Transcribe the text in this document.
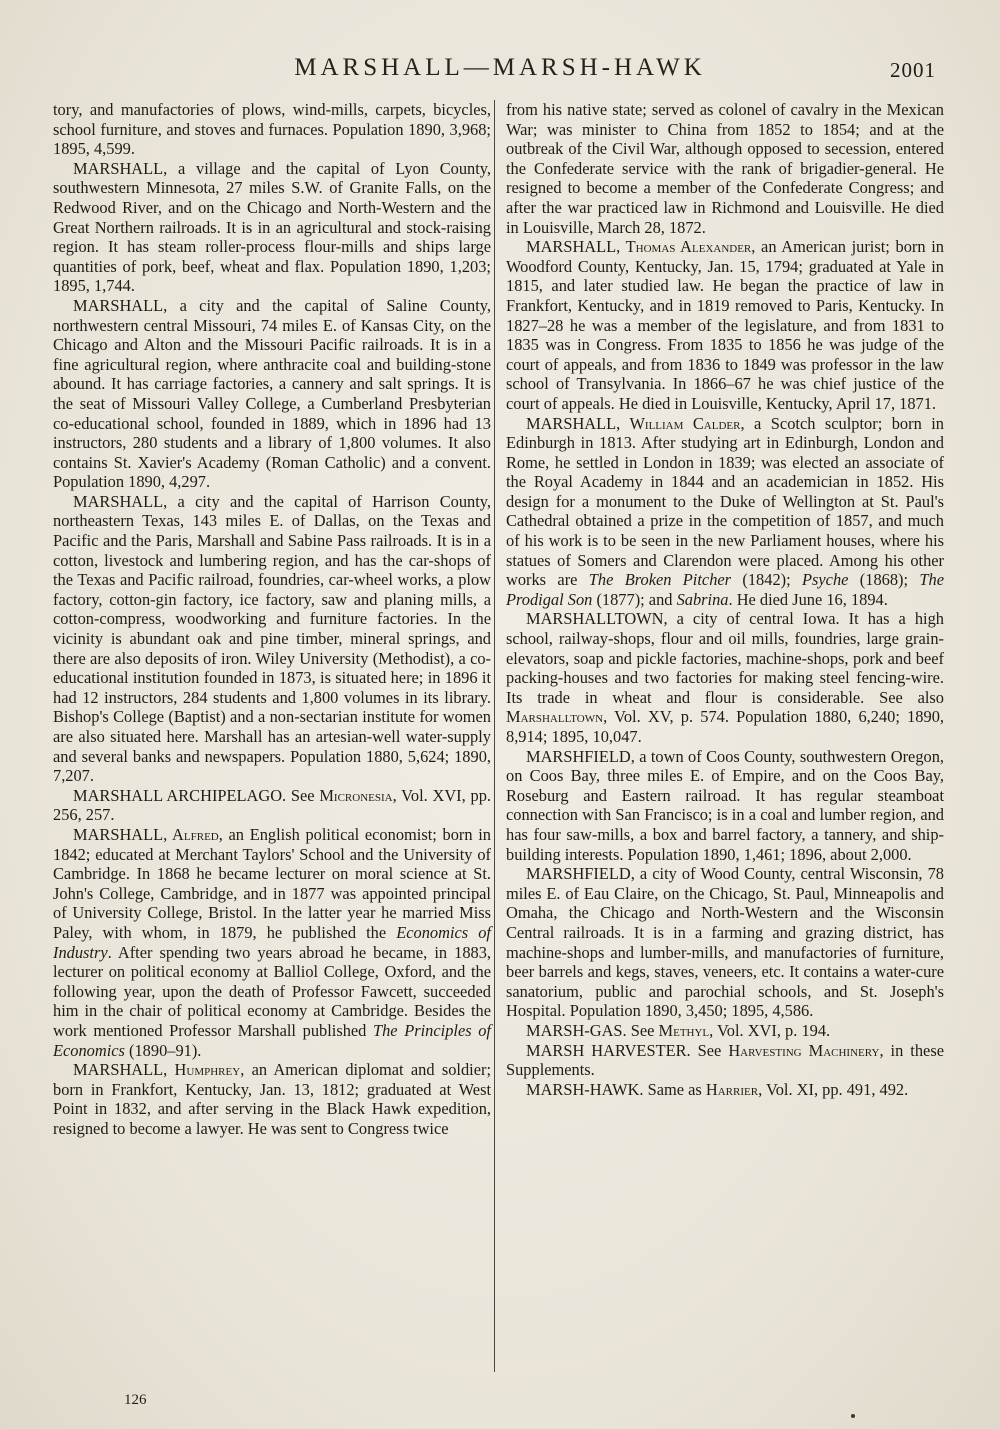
MARSHALL—MARSH-HAWK	2001

tory, and manufactories of plows, wind-mills, carpets, bicycles, school furniture, and stoves and furnaces. Population 1890, 3,968; 1895, 4,599.

MARSHALL, a village and the capital of Lyon County, southwestern Minnesota, 27 miles S.W. of Granite Falls, on the Redwood River, and on the Chicago and North-Western and the Great Northern railroads. It is in an agricultural and stock-raising region. It has steam roller-process flour-mills and ships large quantities of pork, beef, wheat and flax. Population 1890, 1,203; 1895, 1,744.

MARSHALL, a city and the capital of Saline County, northwestern central Missouri, 74 miles E. of Kansas City, on the Chicago and Alton and the Missouri Pacific railroads. It is in a fine agricultural region, where anthracite coal and building-stone abound. It has carriage factories, a cannery and salt springs. It is the seat of Missouri Valley College, a Cumberland Presbyterian co-educational school, founded in 1889, which in 1896 had 13 instructors, 280 students and a library of 1,800 volumes. It also contains St. Xavier's Academy (Roman Catholic) and a convent. Population 1890, 4,297.

MARSHALL, a city and the capital of Harrison County, northeastern Texas, 143 miles E. of Dallas, on the Texas and Pacific and the Paris, Marshall and Sabine Pass railroads. It is in a cotton, livestock and lumbering region, and has the car-shops of the Texas and Pacific railroad, foundries, car-wheel works, a plow factory, cotton-gin factory, ice factory, saw and planing mills, a cotton-compress, woodworking and furniture factories. In the vicinity is abundant oak and pine timber, mineral springs, and there are also deposits of iron. Wiley University (Methodist), a co-educational institution founded in 1873, is situated here; in 1896 it had 12 instructors, 284 students and 1,800 volumes in its library. Bishop's College (Baptist) and a non-sectarian institute for women are also situated here. Marshall has an artesian-well water-supply and several banks and newspapers. Population 1880, 5,624; 1890, 7,207.

MARSHALL ARCHIPELAGO. See Micronesia, Vol. XVI, pp. 256, 257.

MARSHALL, Alfred, an English political economist; born in 1842; educated at Merchant Taylors' School and the University of Cambridge. In 1868 he became lecturer on moral science at St. John's College, Cambridge, and in 1877 was appointed principal of University College, Bristol. In the latter year he married Miss Paley, with whom, in 1879, he published the Economics of Industry. After spending two years abroad he became, in 1883, lecturer on political economy at Balliol College, Oxford, and the following year, upon the death of Professor Fawcett, succeeded him in the chair of political economy at Cambridge. Besides the work mentioned Professor Marshall published The Principles of Economics (1890–91).

MARSHALL, Humphrey, an American diplomat and soldier; born in Frankfort, Kentucky, Jan. 13, 1812; graduated at West Point in 1832, and after serving in the Black Hawk expedition, resigned to become a lawyer. He was sent to Congress twice

from his native state; served as colonel of cavalry in the Mexican War; was minister to China from 1852 to 1854; and at the outbreak of the Civil War, although opposed to secession, entered the Confederate service with the rank of brigadier-general. He resigned to become a member of the Confederate Congress; and after the war practiced law in Richmond and Louisville. He died in Louisville, March 28, 1872.

MARSHALL, Thomas Alexander, an American jurist; born in Woodford County, Kentucky, Jan. 15, 1794; graduated at Yale in 1815, and later studied law. He began the practice of law in Frankfort, Kentucky, and in 1819 removed to Paris, Kentucky. In 1827–28 he was a member of the legislature, and from 1831 to 1835 was in Congress. From 1835 to 1856 he was judge of the court of appeals, and from 1836 to 1849 was professor in the law school of Transylvania. In 1866–67 he was chief justice of the court of appeals. He died in Louisville, Kentucky, April 17, 1871.

MARSHALL, William Calder, a Scotch sculptor; born in Edinburgh in 1813. After studying art in Edinburgh, London and Rome, he settled in London in 1839; was elected an associate of the Royal Academy in 1844 and an academician in 1852. His design for a monument to the Duke of Wellington at St. Paul's Cathedral obtained a prize in the competition of 1857, and much of his work is to be seen in the new Parliament houses, where his statues of Somers and Clarendon were placed. Among his other works are The Broken Pitcher (1842); Psyche (1868); The Prodigal Son (1877); and Sabrina. He died June 16, 1894.

MARSHALLTOWN, a city of central Iowa. It has a high school, railway-shops, flour and oil mills, foundries, large grain-elevators, soap and pickle factories, machine-shops, pork and beef packing-houses and two factories for making steel fencing-wire. Its trade in wheat and flour is considerable. See also Marshalltown, Vol. XV, p. 574. Population 1880, 6,240; 1890, 8,914; 1895, 10,047.

MARSHFIELD, a town of Coos County, southwestern Oregon, on Coos Bay, three miles E. of Empire, and on the Coos Bay, Roseburg and Eastern railroad. It has regular steamboat connection with San Francisco; is in a coal and lumber region, and has four saw-mills, a box and barrel factory, a tannery, and ship-building interests. Population 1890, 1,461; 1896, about 2,000.

MARSHFIELD, a city of Wood County, central Wisconsin, 78 miles E. of Eau Claire, on the Chicago, St. Paul, Minneapolis and Omaha, the Chicago and North-Western and the Wisconsin Central railroads. It is in a farming and grazing district, has machine-shops and lumber-mills, and manufactories of furniture, beer barrels and kegs, staves, veneers, etc. It contains a water-cure sanatorium, public and parochial schools, and St. Joseph's Hospital. Population 1890, 3,450; 1895, 4,586.

MARSH-GAS. See Methyl, Vol. XVI, p. 194.

MARSH HARVESTER. See Harvesting Machinery, in these Supplements.

MARSH-HAWK. Same as Harrier, Vol. XI, pp. 491, 492.

126
